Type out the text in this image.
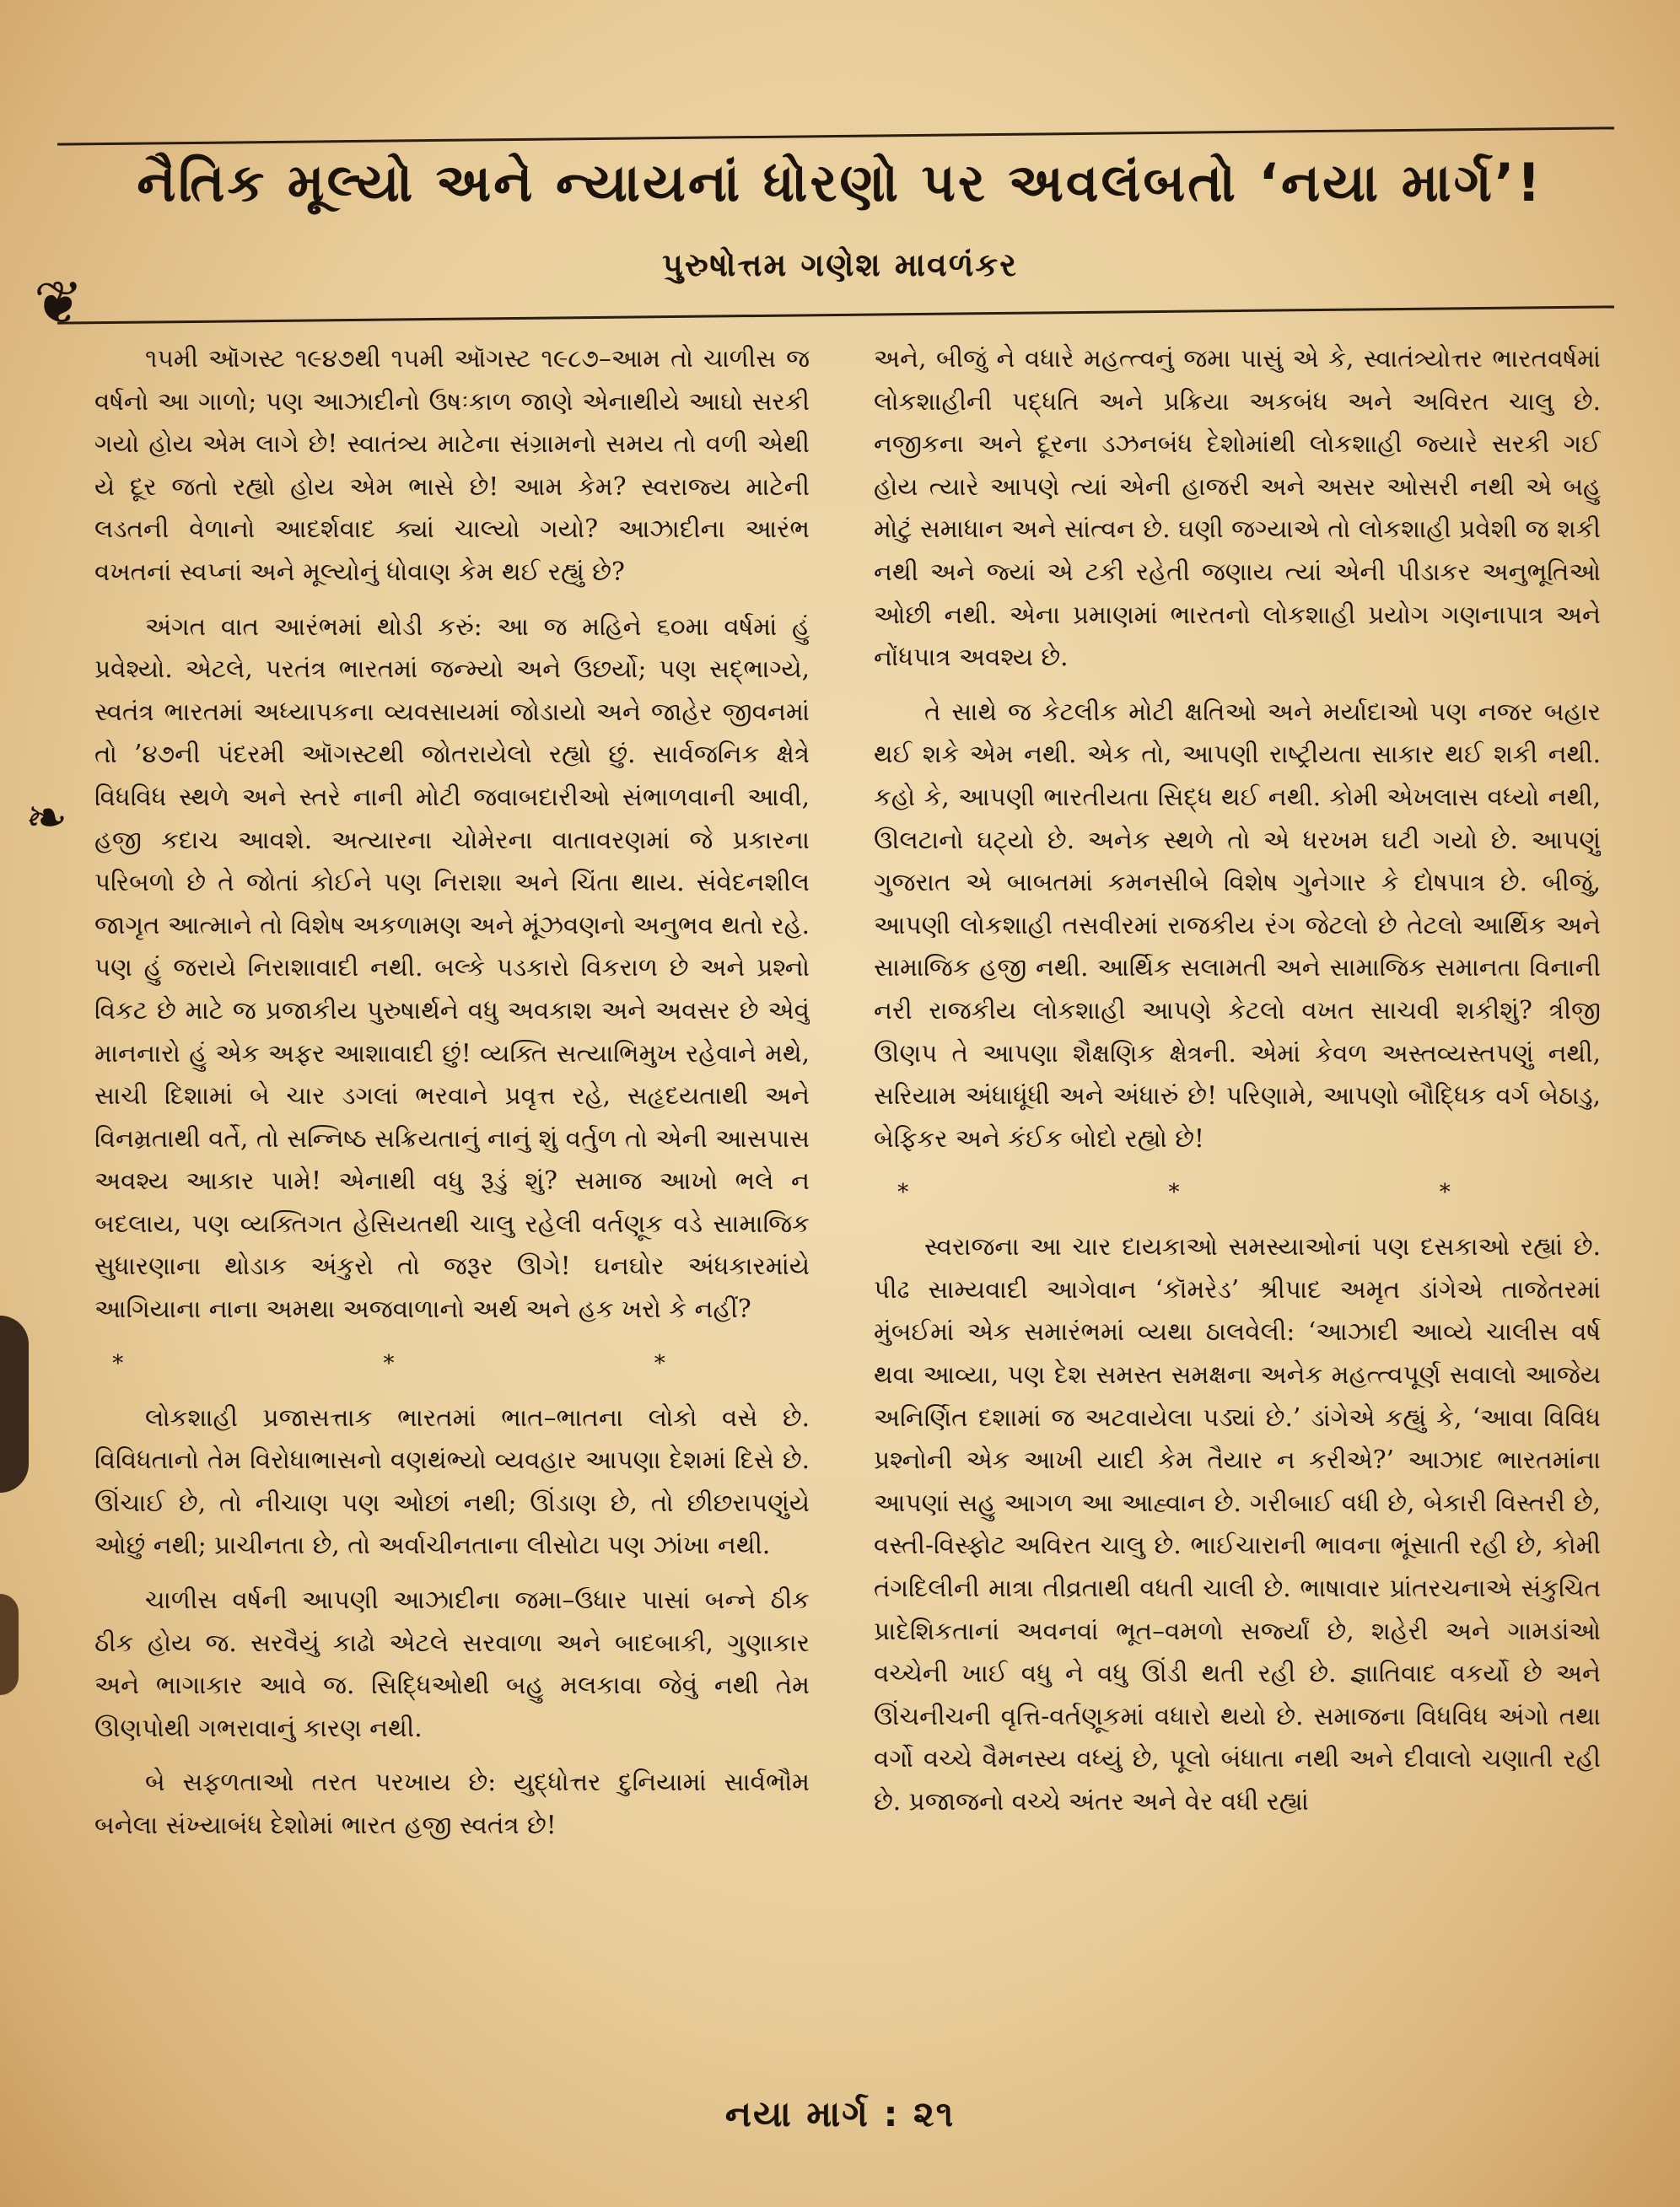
નૈતિક મૂલ્યો અને ન્યાયનાં ધોરણો પર અવલંબતો ‘નયા માર્ગ’!
પુરુષોત્તમ ગણેશ માવળંકર
❦
❧

૧૫મી ઑગસ્ટ ૧૯૪૭થી ૧૫મી ઑગસ્ટ ૧૯૮૭–આમ તો ચાળીસ જ વર્ષનો આ ગાળો; પણ આઝાદીનો ઉષઃકાળ જાણે એનાથીયે આઘો સરકી ગયો હોય એમ લાગે છે! સ્વાતંત્ર્ય માટેના સંગ્રામનો સમય તો વળી એથી યે દૂર જતો રહ્યો હોય એમ ભાસે છે! આમ કેમ? સ્વરાજ્ય માટેની લડતની વેળાનો આદર્શવાદ ક્યાં ચાલ્યો ગયો? આઝાદીના આરંભ વખતનાં સ્વપ્નાં અને મૂલ્યોનું ધોવાણ કેમ થઈ રહ્યું છે?

અંગત વાત આરંભમાં થોડી કરું: આ જ મહિને ૬૦મા વર્ષમાં હું પ્રવેશ્યો. એટલે, પરતંત્ર ભારતમાં જન્મ્યો અને ઉછર્યો; પણ સદ્ભાગ્યે, સ્વતંત્ર ભારતમાં અધ્યાપકના વ્યવસાયમાં જોડાયો અને જાહેર જીવનમાં તો ’૪૭ની પંદરમી ઑગસ્ટથી જોતરાયેલો રહ્યો છું. સાર્વજનિક ક્ષેત્રે વિધવિધ સ્થળે અને સ્તરે નાની મોટી જવાબદારીઓ સંભાળવાની આવી, હજી કદાચ આવશે. અત્યારના ચોમેરના વાતાવરણમાં જે પ્રકારના પરિબળો છે તે જોતાં કોઈને પણ નિરાશા અને ચિંતા થાય. સંવેદનશીલ જાગૃત આત્માને તો વિશેષ અકળામણ અને મૂંઝવણનો અનુભવ થતો રહે. પણ હું જરાયે નિરાશાવાદી નથી. બલ્કે પડકારો વિકરાળ છે અને પ્રશ્નો વિકટ છે માટે જ પ્રજાકીય પુરુષાર્થને વધુ અવકાશ અને અવસર છે એવું માનનારો હું એક અફર આશાવાદી છું! વ્યક્તિ સત્યાભિમુખ રહેવાને મથે, સાચી દિશામાં બે ચાર ડગલાં ભરવાને પ્રવૃત્ત રહે, સહૃદયતાથી અને વિનમ્રતાથી વર્તે, તો સન્નિષ્ઠ સક્રિયતાનું નાનું શું વર્તુળ તો એની આસપાસ અવશ્ય આકાર પામે! એનાથી વધુ રૂડું શું? સમાજ આખો ભલે ન બદલાય, પણ વ્યક્તિગત હેસિયતથી ચાલુ રહેલી વર્તણૂક વડે સામાજિક સુધારણાના થોડાક અંકુરો તો જરૂર ઊગે! ઘનઘોર અંધકારમાંયે આગિયાના નાના અમથા અજવાળાનો અર્થ અને હક ખરો કે નહીં?

* * *

લોકશાહી પ્રજાસત્તાક ભારતમાં ભાત–ભાતના લોકો વસે છે. વિવિધતાનો તેમ વિરોધાભાસનો વણથંભ્યો વ્યવહાર આપણા દેશમાં દિસે છે. ઊંચાઈ છે, તો નીચાણ પણ ઓછાં નથી; ઊંડાણ છે, તો છીછરાપણુંયે ઓછું નથી; પ્રાચીનતા છે, તો અર્વાચીનતાના લીસોટા પણ ઝાંખા નથી.

ચાળીસ વર્ષની આપણી આઝાદીના જમા–ઉધાર પાસાં બન્ને ઠીક ઠીક હોય જ. સરવૈયું કાઢો એટલે સરવાળા અને બાદબાકી, ગુણાકાર અને ભાગાકાર આવે જ. સિદ્ધિઓથી બહુ મલકાવા જેવું નથી તેમ ઊણપોથી ગભરાવાનું કારણ નથી.

બે સફળતાઓ તરત પરખાય છે: યુદ્ધોત્તર દુનિયામાં સાર્વભૌમ બનેલા સંખ્યાબંધ દેશોમાં ભારત હજી સ્વતંત્ર છે!

અને, બીજું ને વધારે મહત્ત્વનું જમા પાસું એ કે, સ્વાતંત્ર્યોત્તર ભારતવર્ષમાં લોકશાહીની પદ્ધતિ અને પ્રક્રિયા અકબંધ અને અવિરત ચાલુ છે. નજીકના અને દૂરના ડઝનબંધ દેશોમાંથી લોકશાહી જ્યારે સરકી ગઈ હોય ત્યારે આપણે ત્યાં એની હાજરી અને અસર ઓસરી નથી એ બહુ મોટું સમાધાન અને સાંત્વન છે. ઘણી જગ્યાએ તો લોકશાહી પ્રવેશી જ શકી નથી અને જ્યાં એ ટકી રહેતી જણાય ત્યાં એની પીડાકર અનુભૂતિઓ ઓછી નથી. એના પ્રમાણમાં ભારતનો લોકશાહી પ્રયોગ ગણનાપાત્ર અને નોંધપાત્ર અવશ્ય છે.

તે સાથે જ કેટલીક મોટી ક્ષતિઓ અને મર્યાદાઓ પણ નજર બહાર થઈ શકે એમ નથી. એક તો, આપણી રાષ્ટ્રીયતા સાકાર થઈ શકી નથી. કહો કે, આપણી ભારતીયતા સિદ્ધ થઈ નથી. કોમી એખલાસ વધ્યો નથી, ઊલટાનો ઘટ્યો છે. અનેક સ્થળે તો એ ધરખમ ઘટી ગયો છે. આપણું ગુજરાત એ બાબતમાં કમનસીબે વિશેષ ગુનેગાર કે દોષપાત્ર છે. બીજું, આપણી લોકશાહી તસવીરમાં રાજકીય રંગ જેટલો છે તેટલો આર્થિક અને સામાજિક હજી નથી. આર્થિક સલામતી અને સામાજિક સમાનતા વિનાની નરી રાજકીય લોકશાહી આપણે કેટલો વખત સાચવી શકીશું? ત્રીજી ઊણપ તે આપણા શૈક્ષણિક ક્ષેત્રની. એમાં કેવળ અસ્તવ્યસ્તપણું નથી, સરિયામ અંધાધૂંધી અને અંધારું છે! પરિણામે, આપણો બૌદ્ધિક વર્ગ બેઠાડુ, બેફિકર અને કંઈક બોદો રહ્યો છે!

* * *

સ્વરાજના આ ચાર દાયકાઓ સમસ્યાઓનાં પણ દસકાઓ રહ્યાં છે. પીઢ સામ્યવાદી આગેવાન ‘કૉમરેડ’ શ્રીપાદ અમૃત ડાંગેએ તાજેતરમાં મુંબઈમાં એક સમારંભમાં વ્યથા ઠાલવેલી: ‘આઝાદી આવ્યે ચાલીસ વર્ષ થવા આવ્યા, પણ દેશ સમસ્ત સમક્ષના અનેક મહત્ત્વપૂર્ણ સવાલો આજેય અનિર્ણિત દશામાં જ અટવાયેલા પડ્યાં છે.’ ડાંગેએ કહ્યું કે, ‘આવા વિવિધ પ્રશ્નોની એક આખી યાદી કેમ તૈયાર ન કરીએ?’ આઝાદ ભારતમાંના આપણાં સહુ આગળ આ આહ્વાન છે. ગરીબાઈ વધી છે, બેકારી વિસ્તરી છે, વસ્તી-વિસ્ફોટ અવિરત ચાલુ છે. ભાઈચારાની ભાવના ભૂંસાતી રહી છે, કોમી તંગદિલીની માત્રા તીવ્રતાથી વધતી ચાલી છે. ભાષાવાર પ્રાંતરચનાએ સંકુચિત પ્રાદેશિકતાનાં અવનવાં ભૂત–વમળો સર્જ્યાં છે, શહેરી અને ગામડાંઓ વચ્ચેની ખાઈ વધુ ને વધુ ઊંડી થતી રહી છે. જ્ઞાતિવાદ વકર્યો છે અને ઊંચનીચની વૃત્તિ-વર્તણૂકમાં વધારો થયો છે. સમાજના વિધવિધ અંગો તથા વર્ગો વચ્ચે વૈમનસ્ય વધ્યું છે, પૂલો બંધાતા નથી અને દીવાલો ચણાતી રહી છે. પ્રજાજનો વચ્ચે અંતર અને વેર વધી રહ્યાં

નયા માર્ગ : ૨૧
